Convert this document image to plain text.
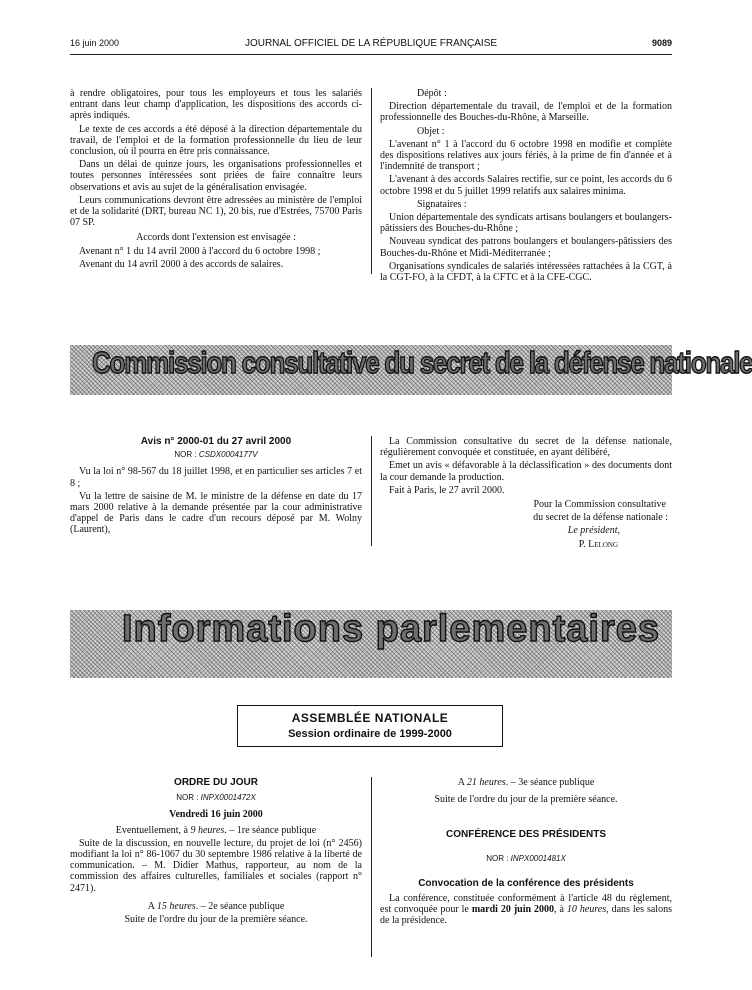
16 juin 2000	JOURNAL OFFICIEL DE LA RÉPUBLIQUE FRANÇAISE	9089

à rendre obligatoires, pour tous les employeurs et tous les salariés entrant dans leur champ d'application, les dispositions des accords ci-après indiqués.

Le texte de ces accords a été déposé à la direction départementale du travail, de l'emploi et de la formation professionnelle du lieu de leur conclusion, où il pourra en être pris connaissance.

Dans un délai de quinze jours, les organisations professionnelles et toutes personnes intéressées sont priées de faire connaître leurs observations et avis au sujet de la généralisation envisagée.

Leurs communications devront être adressées au ministère de l'emploi et de la solidarité (DRT, bureau NC 1), 20 bis, rue d'Estrées, 75700 Paris 07 SP.

Accords dont l'extension est envisagée :

Avenant n° 1 du 14 avril 2000 à l'accord du 6 octobre 1998 ;

Avenant du 14 avril 2000 à des accords de salaires.

Dépôt :

Direction départementale du travail, de l'emploi et de la formation professionnelle des Bouches-du-Rhône, à Marseille.

Objet :

L'avenant n° 1 à l'accord du 6 octobre 1998 en modifie et complète des dispositions relatives aux jours fériés, à la prime de fin d'année et à l'indemnité de transport ;

L'avenant à des accords Salaires rectifie, sur ce point, les accords du 6 octobre 1998 et du 5 juillet 1999 relatifs aux salaires minima.

Signataires :

Union départementale des syndicats artisans boulangers et boulangers-pâtissiers des Bouches-du-Rhône ;

Nouveau syndicat des patrons boulangers et boulangers-pâtissiers des Bouches-du-Rhône et Midi-Méditerranée ;

Organisations syndicales de salariés intéressées rattachées à la CGT, à la CGT-FO, à la CFDT, à la CFTC et à la CFE-CGC.

Commission consultative du secret de la défense nationale

Avis n° 2000-01 du 27 avril 2000

NOR : CSDX0004177V

Vu la loi n° 98-567 du 18 juillet 1998, et en particulier ses articles 7 et 8 ;

Vu la lettre de saisine de M. le ministre de la défense en date du 17 mars 2000 relative à la demande présentée par la cour administrative d'appel de Paris dans le cadre d'un recours déposé par M. Wolny (Laurent),

La Commission consultative du secret de la défense nationale, régulièrement convoquée et constituée, en ayant délibéré,

Emet un avis « défavorable à la déclassification » des documents dont la cour demande la production.

Fait à Paris, le 27 avril 2000.

Pour la Commission consultative

du secret de la défense nationale :

Le président,

P. Lelong

Informations parlementaires
ASSEMBLÉE NATIONALE
Session ordinaire de 1999-2000
ORDRE DU JOUR
NOR : INPX0001472X

Vendredi 16 juin 2000

Eventuellement, à 9 heures. – 1re séance publique

Suite de la discussion, en nouvelle lecture, du projet de loi (n° 2456) modifiant la loi n° 86-1067 du 30 septembre 1986 relative à la liberté de communication. – M. Didier Mathus, rapporteur, au nom de la commission des affaires culturelles, familiales et sociales (rapport n° 2471).

A 15 heures. – 2e séance publique

Suite de l'ordre du jour de la première séance.

A 21 heures. – 3e séance publique

Suite de l'ordre du jour de la première séance.

CONFÉRENCE DES PRÉSIDENTS
NOR : INPX0001481X
Convocation de la conférence des présidents

La conférence, constituée conformément à l'article 48 du règlement, est convoquée pour le mardi 20 juin 2000, à 10 heures, dans les salons de la présidence.
